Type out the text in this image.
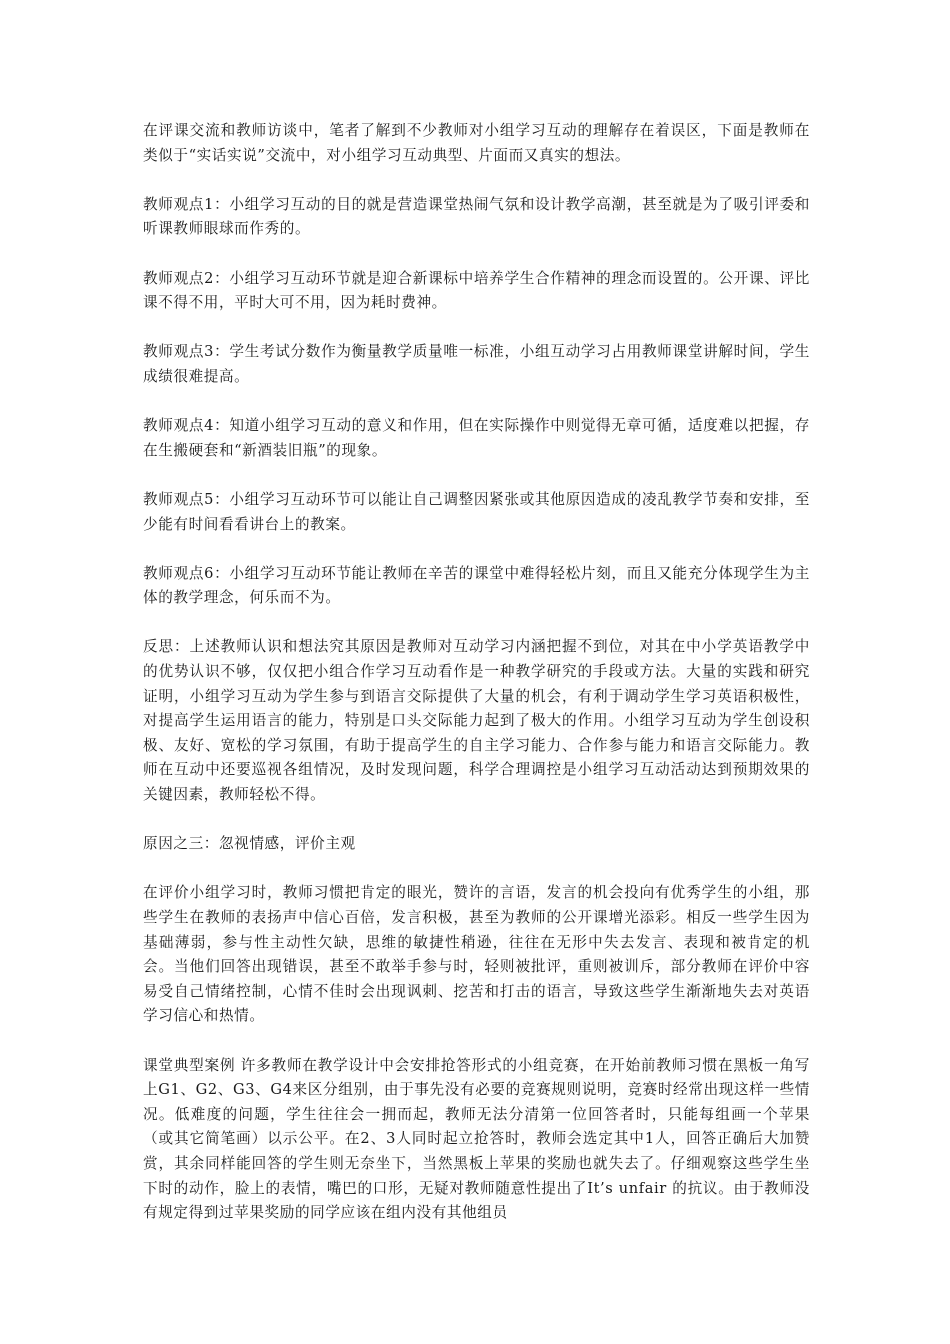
在评课交流和教师访谈中，笔者了解到不少教师对小组学习互动的理解存在着误区，下面是教师在类似于“实话实说”交流中，对小组学习互动典型、片面而又真实的想法。

教师观点1：小组学习互动的目的就是营造课堂热闹气氛和设计教学高潮，甚至就是为了吸引评委和听课教师眼球而作秀的。

教师观点2：小组学习互动环节就是迎合新课标中培养学生合作精神的理念而设置的。公开课、评比课不得不用，平时大可不用，因为耗时费神。

教师观点3：学生考试分数作为衡量教学质量唯一标准，小组互动学习占用教师课堂讲解时间，学生成绩很难提高。

教师观点4：知道小组学习互动的意义和作用，但在实际操作中则觉得无章可循，适度难以把握，存在生搬硬套和“新酒装旧瓶”的现象。

教师观点5：小组学习互动环节可以能让自己调整因紧张或其他原因造成的凌乱教学节奏和安排，至少能有时间看看讲台上的教案。

教师观点6：小组学习互动环节能让教师在辛苦的课堂中难得轻松片刻，而且又能充分体现学生为主体的教学理念，何乐而不为。

反思：上述教师认识和想法究其原因是教师对互动学习内涵把握不到位，对其在中小学英语教学中的优势认识不够，仅仅把小组合作学习互动看作是一种教学研究的手段或方法。大量的实践和研究证明，小组学习互动为学生参与到语言交际提供了大量的机会，有利于调动学生学习英语积极性，对提高学生运用语言的能力，特别是口头交际能力起到了极大的作用。小组学习互动为学生创设积极、友好、宽松的学习氛围，有助于提高学生的自主学习能力、合作参与能力和语言交际能力。教师在互动中还要巡视各组情况，及时发现问题，科学合理调控是小组学习互动活动达到预期效果的关键因素，教师轻松不得。

原因之三：忽视情感，评价主观

在评价小组学习时，教师习惯把肯定的眼光，赞许的言语，发言的机会投向有优秀学生的小组，那些学生在教师的表扬声中信心百倍，发言积极，甚至为教师的公开课增光添彩。相反一些学生因为基础薄弱，参与性主动性欠缺，思维的敏捷性稍逊，往往在无形中失去发言、表现和被肯定的机会。当他们回答出现错误，甚至不敢举手参与时，轻则被批评，重则被训斥，部分教师在评价中容易受自己情绪控制，心情不佳时会出现讽刺、挖苦和打击的语言，导致这些学生渐渐地失去对英语学习信心和热情。

课堂典型案例 许多教师在教学设计中会安排抢答形式的小组竞赛，在开始前教师习惯在黑板一角写上G1、G2、G3、G4来区分组别，由于事先没有必要的竞赛规则说明，竞赛时经常出现这样一些情况。低难度的问题，学生往往会一拥而起，教师无法分清第一位回答者时，只能每组画一个苹果（或其它简笔画）以示公平。在2、3人同时起立抢答时，教师会选定其中1人，回答正确后大加赞赏，其余同样能回答的学生则无奈坐下，当然黑板上苹果的奖励也就失去了。仔细观察这些学生坐下时的动作，脸上的表情，嘴巴的口形，无疑对教师随意性提出了It’s unfair 的抗议。由于教师没有规定得到过苹果奖励的同学应该在组内没有其他组员
